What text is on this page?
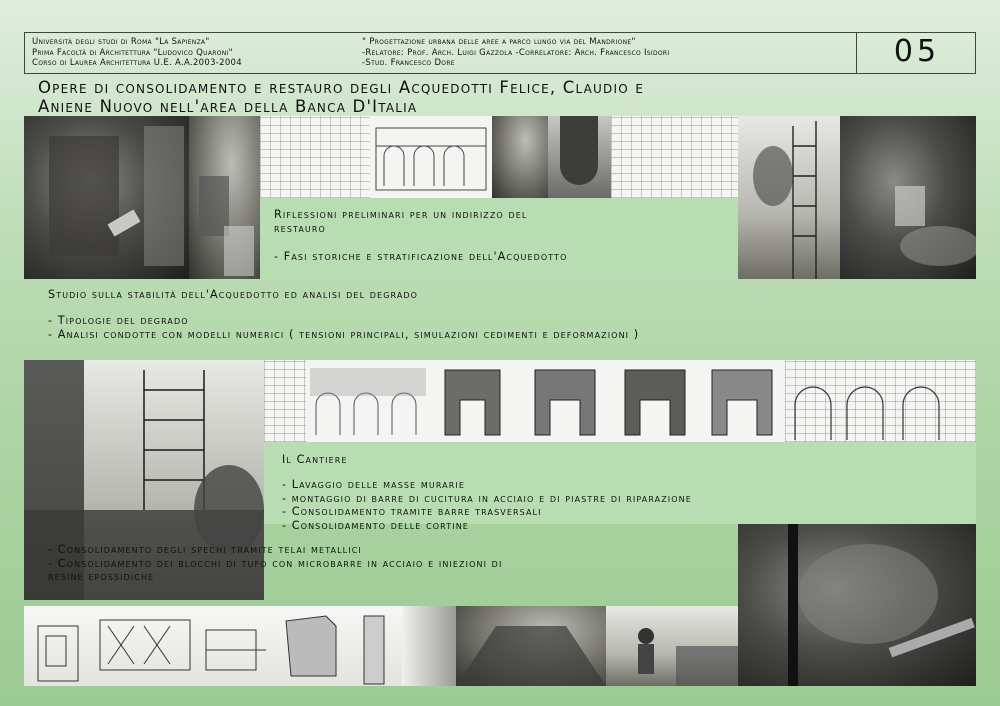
Università degli studi di Roma "La Sapienza"
Prima Facoltà di Architettura "Ludovico Quaroni"
Corso di Laurea Architettura U.E. A.A.2003-2004
" Progettazione urbana delle aree a parco lungo via del Mandrione"
-Relatore: Prof. Arch. Luigi Gazzola -Correlatore: Arch. Francesco Isidori
-Stud. Francesco Dore	05
Opere di consolidamento e restauro degli Acquedotti Felice, Claudio e
Aniene Nuovo nell'area della Banca D'Italia
Riflessioni preliminari per un indirizzo del
restauro
- Fasi storiche e stratificazione dell'Acquedotto
Studio sulla stabilità dell'Acquedotto ed analisi del degrado
- Tipologie del degrado
- Analisi condotte con modelli numerici ( tensioni principali, simulazioni cedimenti e deformazioni )
Il Cantiere
- Lavaggio delle masse murarie
- montaggio di barre di cucitura in acciaio e di piastre di riparazione
- Consolidamento tramite barre trasversali
- Consolidamento delle cortine
- Consolidamento degli spechi tramite telai metallici
- Consolidamento dei blocchi di tufo con microbarre in acciaio e iniezioni di
resine epossidiche
